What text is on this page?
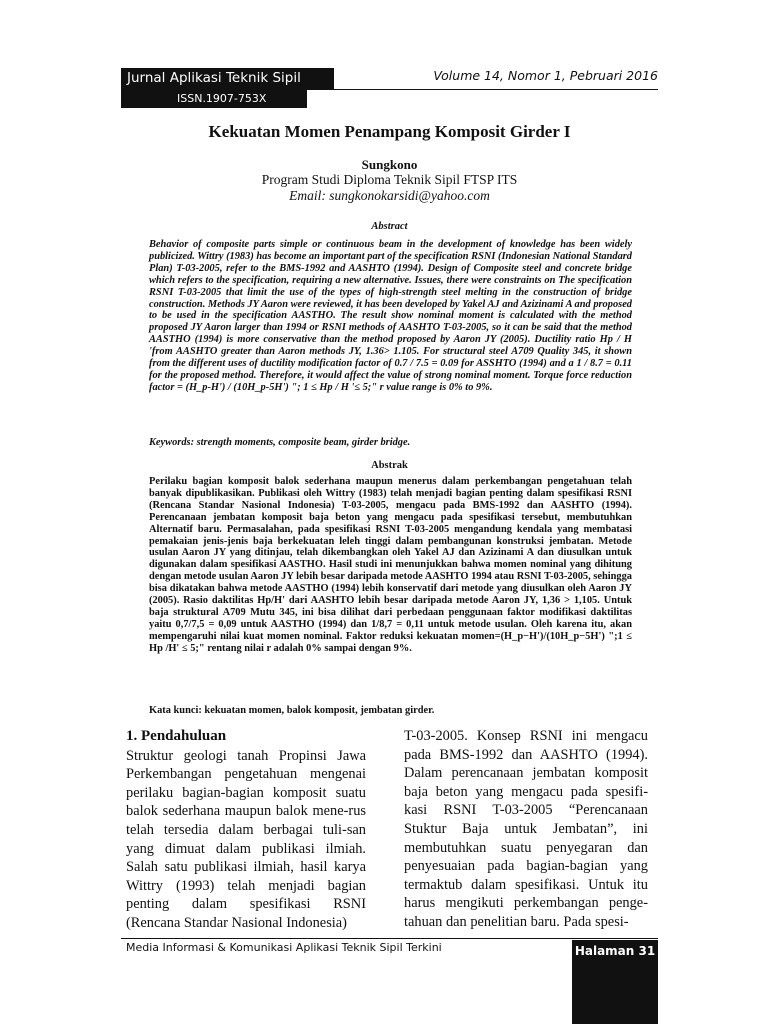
Jurnal Aplikasi Teknik Sipil
ISSN.1907-753X
Volume 14, Nomor 1, Pebruari 2016
Kekuatan Momen Penampang Komposit Girder I
Sungkono
Program Studi Diploma Teknik Sipil FTSP ITS
Email: sungkonokarsidi@yahoo.com
Abstract
Behavior of composite parts simple or continuous beam in the development of knowledge has been widely publicized. Wittry (1983) has become an important part of the specification RSNI (Indonesian National Standard Plan) T-03-2005, refer to the BMS-1992 and AASHTO (1994). Design of Composite steel and concrete bridge which refers to the specification, requiring a new alternative. Issues, there were constraints on The specification RSNI T-03-2005 that limit the use of the types of high-strength steel melting in the construction of bridge construction. Methods JY Aaron were reviewed, it has been developed by Yakel AJ and Azizinami A and proposed to be used in the specification AASTHO. The result show nominal moment is calculated with the method proposed JY Aaron larger than 1994 or RSNI methods of AASHTO T-03-2005, so it can be said that the method AASTHO (1994) is more conservative than the method proposed by Aaron JY (2005). Ductility ratio Hp / H 'from AASHTO greater than Aaron methods JY, 1.36> 1.105. For structural steel A709 Quality 345, it shown from the different uses of ductility modification factor of 0.7 / 7.5 = 0.09 for ASSHTO (1994) and a 1 / 8.7 = 0.11 for the proposed method. Therefore, it would affect the value of strong nominal moment. Torque force reduction factor = (H_p-H') / (10H_p-5H') "; 1 ≤ Hp / H '≤ 5;" r value range is 0% to 9%.
Keywords: strength moments, composite beam, girder bridge.
Abstrak
Perilaku bagian komposit balok sederhana maupun menerus dalam perkembangan pengetahuan telah banyak dipublikasikan. Publikasi oleh Wittry (1983) telah menjadi bagian penting dalam spesifikasi RSNI (Rencana Standar Nasional Indonesia) T-03-2005, mengacu pada BMS-1992 dan AASHTO (1994). Perencanaan jembatan komposit baja beton yang mengacu pada spesifikasi tersebut, membutuhkan Alternatif baru. Permasalahan, pada spesifikasi RSNI T-03-2005 mengandung kendala yang membatasi pemakaian jenis-jenis baja berkekuatan leleh tinggi dalam pembangunan konstruksi jembatan. Metode usulan Aaron JY yang ditinjau, telah dikembangkan oleh Yakel AJ dan Azizinami A dan diusulkan untuk digunakan dalam spesifikasi AASTHO. Hasil studi ini menunjukkan bahwa momen nominal yang dihitung dengan metode usulan Aaron JY lebih besar daripada metode AASHTO 1994 atau RSNI T-03-2005, sehingga bisa dikatakan bahwa metode AASTHO (1994) lebih konservatif dari metode yang diusulkan oleh Aaron JY (2005). Rasio daktilitas Hp/H' dari AASHTO lebih besar daripada metode Aaron JY, 1,36 > 1,105. Untuk baja struktural A709 Mutu 345, ini bisa dilihat dari perbedaan penggunaan faktor modifikasi daktilitas yaitu 0,7/7,5 = 0,09 untuk AASTHO (1994) dan 1/8,7 = 0,11 untuk metode usulan. Oleh karena itu, akan mempengaruhi nilai kuat momen nominal. Faktor reduksi kekuatan momen=(H_p−H')/(10H_p−5H') ";1 ≤ Hp /H' ≤ 5;" rentang nilai r adalah 0% sampai dengan 9%.
Kata kunci: kekuatan momen, balok komposit, jembatan girder.
1. Pendahuluan

Struktur geologi tanah Propinsi Jawa Perkembangan pengetahuan mengenai perilaku bagian-bagian komposit suatu balok sederhana maupun balok mene-rus telah tersedia dalam berbagai tuli-san yang dimuat dalam publikasi ilmiah. Salah satu publikasi ilmiah, hasil karya Wittry (1993) telah menjadi bagian penting dalam spesifikasi RSNI (Rencana Standar Nasional Indonesia)

T-03-2005. Konsep RSNI ini mengacu pada BMS-1992 dan AASHTO (1994). Dalam perencanaan jembatan komposit baja beton yang mengacu pada spesifi-kasi RSNI T-03-2005 “Perencanaan Stuktur Baja untuk Jembatan”, ini membutuhkan suatu penyegaran dan penyesuaian pada bagian-bagian yang termaktub dalam spesifikasi. Untuk itu harus mengikuti perkembangan penge-tahuan dan penelitian baru. Pada spesi-

Media Informasi & Komunikasi Aplikasi Teknik Sipil Terkini	Halaman 31
